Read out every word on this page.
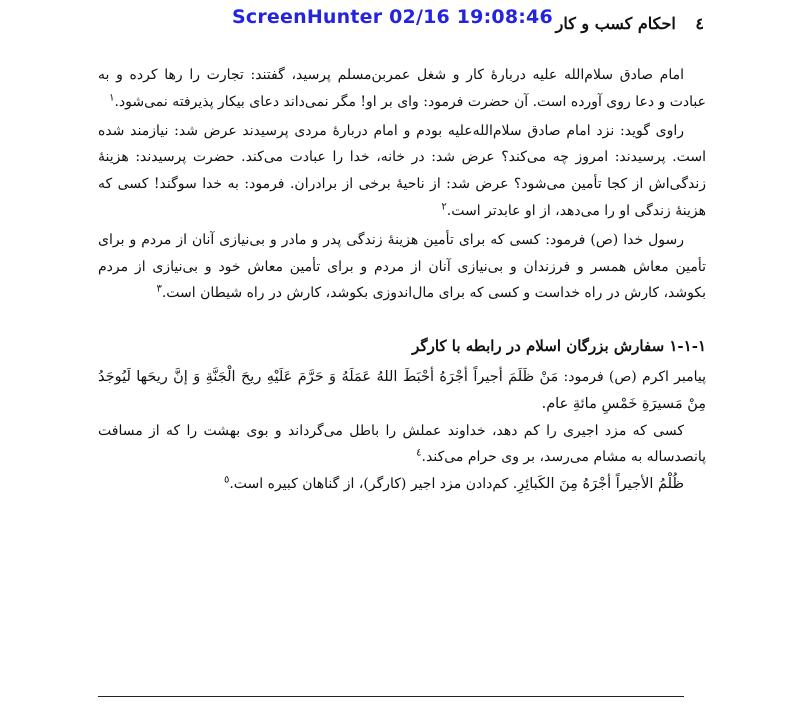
ScreenHunter 02/16 19:08:46	٤ احکام کسب و کار

امام صادق سلام‌الله علیه دربارهٔ کار و شغل عمربن‌مسلم پرسید، گفتند: تجارت را رها کرده و به عبادت و دعا روی آورده است. آن حضرت فرمود: وای بر او! مگر نمی‌داند دعای بیکار پذیرفته نمی‌شود.$^١$

راوی گوید: نزد امام صادق سلام‌الله‌علیه بودم و امام دربارهٔ مردی پرسیدند عرض شد: نیازمند شده است. پرسیدند: امروز چه می‌کند؟ عرض شد: در خانه، خدا را عبادت می‌کند. حضرت پرسیدند: هزینهٔ زندگی‌اش از کجا تأمین می‌شود؟ عرض شد: از ناحیهٔ برخی از برادران. فرمود: به خدا سوگند! کسی که هزینهٔ زندگی او را می‌دهد، از او عابدتر است.$^٢$

رسول خدا (ص) فرمود: کسی که برای تأمین هزینهٔ زندگی پدر و مادر و بی‌نیازی آنان از مردم و برای تأمین معاش همسر و فرزندان و بی‌نیازی آنان از مردم و برای تأمین معاش خود و بی‌نیازی از مردم بکوشد، کارش در راه خداست و کسی که برای مال‌اندوزی بکوشد، کارش در راه شیطان است.$^٣$

۱-۱-۱ سفارش بزرگان اسلام در رابطه با کارگر

پیامبر اکرم (ص) فرمود: مَنْ ظَلَمَ أجیراً أجْرَهُ أحْبَطَ اللهُ عَمَلَهُ وَ حَرَّمَ عَلَیْهِ ریحَ الْجَنَّةِ وَ إنَّ ریحَها لَیُوجَدُ مِنْ مَسیرَةِ خَمْسِ مائةِ عام.

کسی که مزد اجیری را کم دهد، خداوند عملش را باطل می‌گرداند و بوی بهشت را که از مسافت پانصدساله به مشام می‌رسد، بر وی حرام می‌کند.$^٤$

ظُلْمُ الأجیراً أجْرَهُ مِنَ الکَبائِرِ. کم‌دادن مزد اجیر (کارگر)، از گناهان کبیره است.$^٥$
